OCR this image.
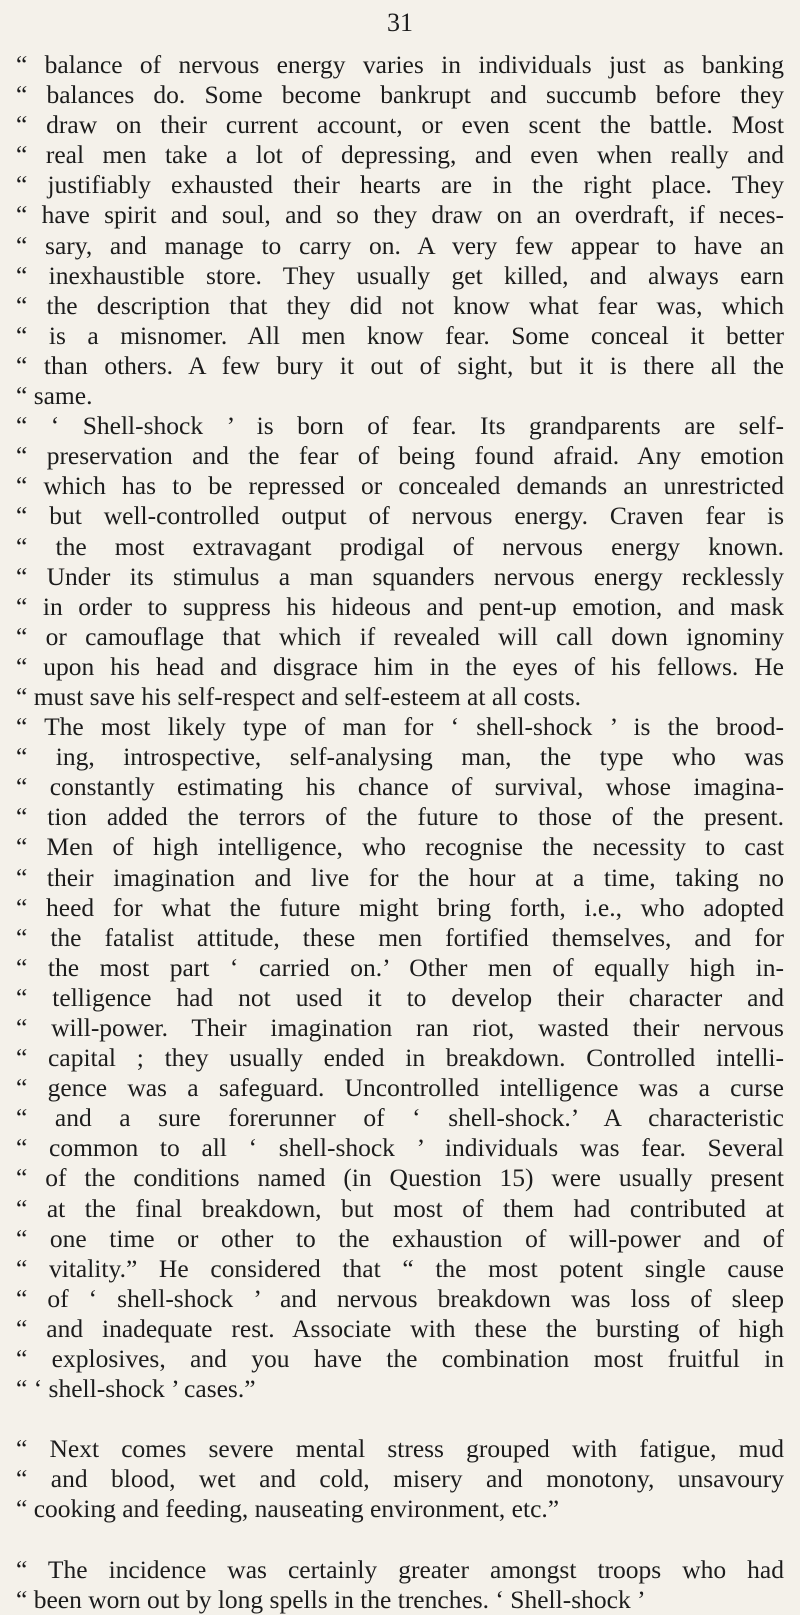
31
“ balance of nervous energy varies in individuals just as banking
“ balances do. Some become bankrupt and succumb before they
“ draw on their current account, or even scent the battle. Most
“ real men take a lot of depressing, and even when really and
“ justifiably exhausted their hearts are in the right place. They
“ have spirit and soul, and so they draw on an overdraft, if neces-
“ sary, and manage to carry on. A very few appear to have an
“ inexhaustible store. They usually get killed, and always earn
“ the description that they did not know what fear was, which
“ is a misnomer. All men know fear. Some conceal it better
“ than others. A few bury it out of sight, but it is there all the
“ same.
“ ‘ Shell-shock ’ is born of fear. Its grandparents are self-
“ preservation and the fear of being found afraid. Any emotion
“ which has to be repressed or concealed demands an unrestricted
“ but well-controlled output of nervous energy. Craven fear is
“ the most extravagant prodigal of nervous energy known.
“ Under its stimulus a man squanders nervous energy recklessly
“ in order to suppress his hideous and pent-up emotion, and mask
“ or camouflage that which if revealed will call down ignominy
“ upon his head and disgrace him in the eyes of his fellows. He
“ must save his self-respect and self-esteem at all costs.
“ The most likely type of man for ‘ shell-shock ’ is the brood-
“ ing, introspective, self-analysing man, the type who was
“ constantly estimating his chance of survival, whose imagina-
“ tion added the terrors of the future to those of the present.
“ Men of high intelligence, who recognise the necessity to cast
“ their imagination and live for the hour at a time, taking no
“ heed for what the future might bring forth, i.e., who adopted
“ the fatalist attitude, these men fortified themselves, and for
“ the most part ‘ carried on.’ Other men of equally high in-
“ telligence had not used it to develop their character and
“ will-power. Their imagination ran riot, wasted their nervous
“ capital ; they usually ended in breakdown. Controlled intelli-
“ gence was a safeguard. Uncontrolled intelligence was a curse
“ and a sure forerunner of ‘ shell-shock.’ A characteristic
“ common to all ‘ shell-shock ’ individuals was fear. Several
“ of the conditions named (in Question 15) were usually present
“ at the final breakdown, but most of them had contributed at
“ one time or other to the exhaustion of will-power and of
“ vitality.” He considered that “ the most potent single cause
“ of ‘ shell-shock ’ and nervous breakdown was loss of sleep
“ and inadequate rest. Associate with these the bursting of high
“ explosives, and you have the combination most fruitful in
“ ‘ shell-shock ’ cases.”
“ Next comes severe mental stress grouped with fatigue, mud
“ and blood, wet and cold, misery and monotony, unsavoury
“ cooking and feeding, nauseating environment, etc.”
“ The incidence was certainly greater amongst troops who had
“ been worn out by long spells in the trenches. ‘ Shell-shock ’
